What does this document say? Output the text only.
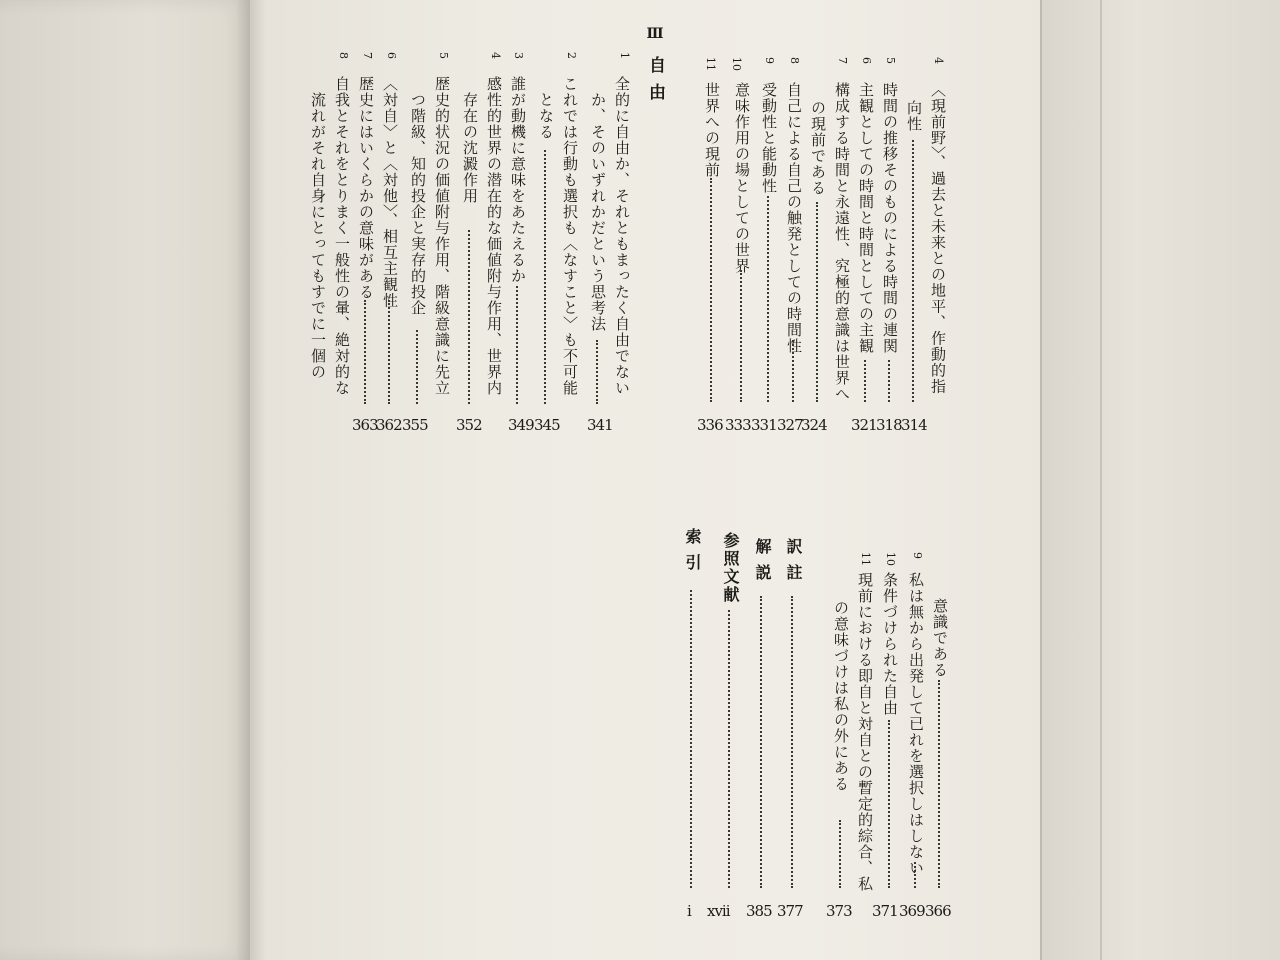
Ⅲ
自由	4
〈現前野〉、過去と未来との地平、作動的指
向性
314
5
時間の推移そのものによる時間の連関
318
6
主観としての時間と時間としての主観
321
7
構成する時間と永遠性、究極的意識は世界へ
の現前である
324
8
自己による自己の触発としての時間性
327
9
受動性と能動性
331
10
意味作用の場としての世界
333
11
世界への現前
336
1
全的に自由か、それともまったく自由でない
か、そのいずれかだという思考法
341
2
これでは行動も選択も〈なすこと〉も不可能
となる
345
3
誰が動機に意味をあたえるか
349
4
感性的世界の潜在的な価値附与作用、世界内
存在の沈澱作用
352
5
歴史的状況の価値附与作用、階級意識に先立
つ階級、知的投企と実存的投企
355
6
〈対自〉と〈対他〉、相互主観性
362
7
歴史にはいくらかの意味がある
363
8
自我とそれをとりまく一般性の暈、絶対的な
流れがそれ自身にとってもすでに一個の
意識である
366
9
私は無から出発して已れを選択しはしない
369
10
条件づけられた自由
371
11
現前における即自と対自との暫定的綜合、私
の意味づけは私の外にある
373
訳註
377
解説
385
参照文献
xvii
索引
i
